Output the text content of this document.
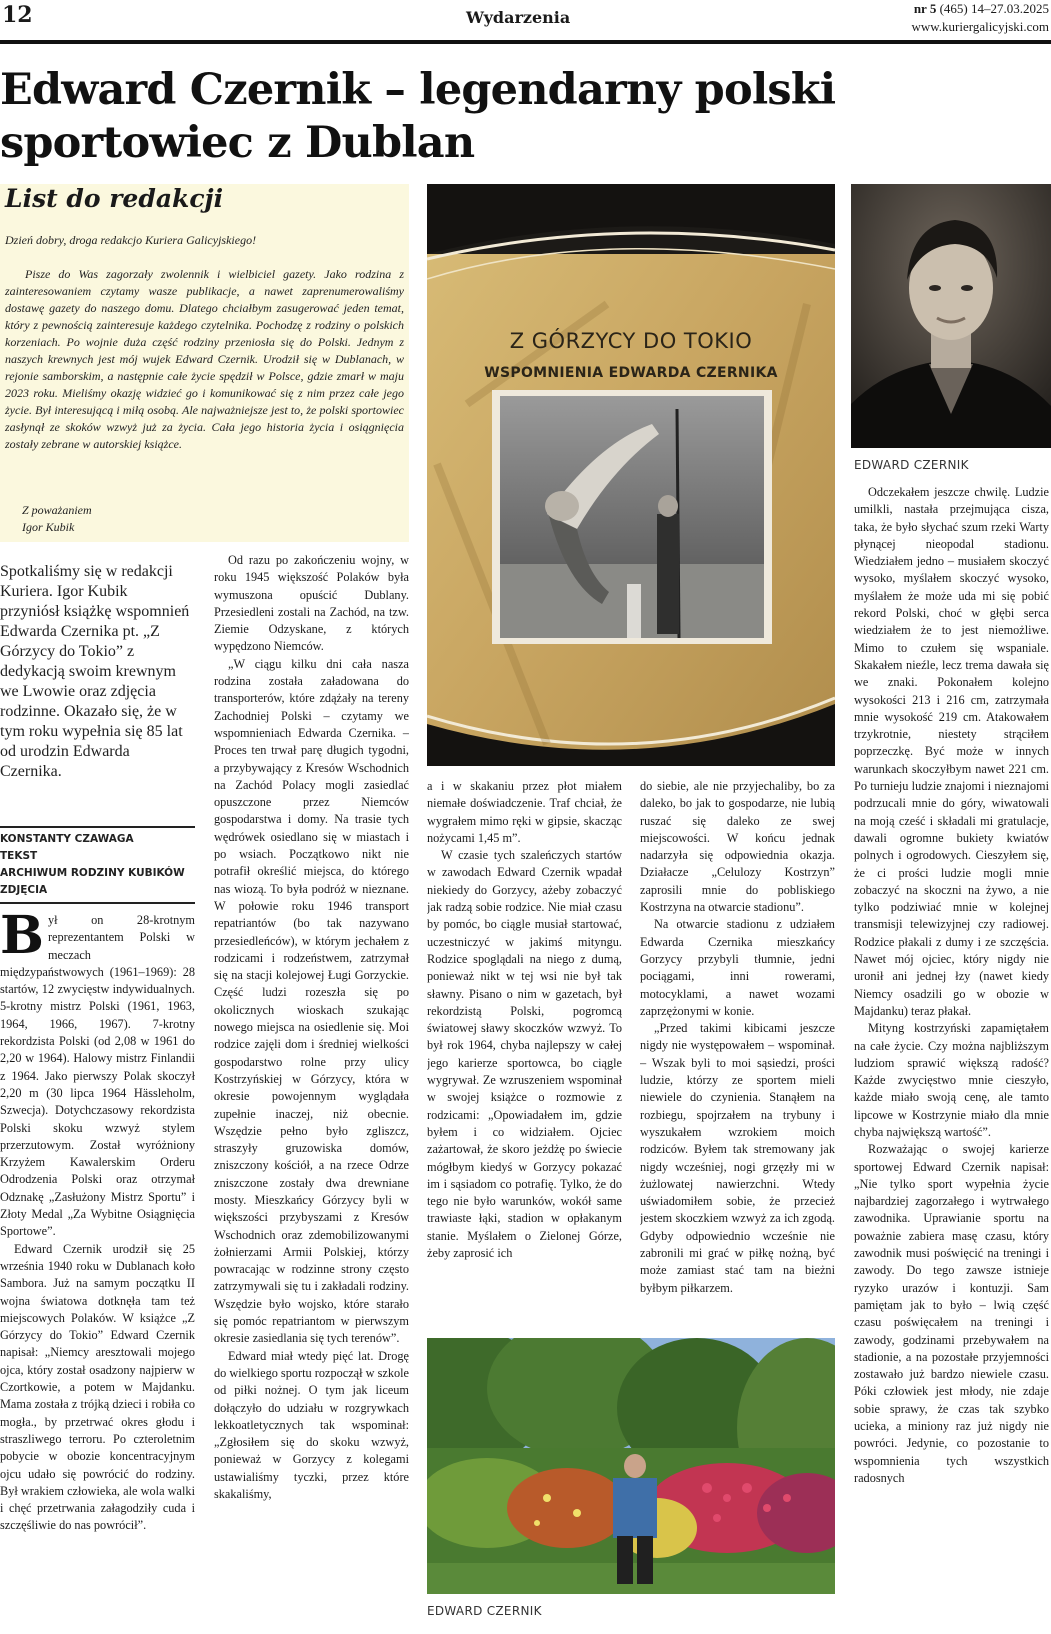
12	Wydarzenia	nr 5 (465) 14–27.03.2025
www.kuriergalicyjski.com
Edward Czernik – legendarny polski sportowiec z Dublan
List do redakcji

Dzień dobry, droga redakcjo Kuriera Galicyjskiego!

Pisze do Was zagorzały zwolennik i wielbiciel gazety. Jako rodzina z zainteresowaniem czytamy wasze publikacje, a nawet zaprenumerowaliśmy dostawę gazety do naszego domu. Dlatego chciałbym zasugerować jeden temat, który z pewnością zainteresuje każdego czytelnika. Pochodzę z rodziny o polskich korzeniach. Po wojnie duża część rodziny przeniosła się do Polski. Jednym z naszych krewnych jest mój wujek Edward Czernik. Urodził się w Dublanach, w rejonie samborskim, a następnie całe życie spędził w Polsce, gdzie zmarł w maju 2023 roku. Mieliśmy okazję widzieć go i komunikować się z nim przez całe jego życie. Był interesującą i miłą osobą. Ale najważniejsze jest to, że polski sportowiec zasłynął ze skoków wzwyż już za życia. Cała jego historia życia i osiągnięcia zostały zebrane w autorskiej książce.

Z poważaniem
Igor Kubik

Spotkaliśmy się w redakcji Kuriera. Igor Kubik przyniósł książkę wspomnień Edwarda Czernika pt. „Z Górzycy do Tokio” z dedykacją swoim krewnym we Lwowie oraz zdjęcia rodzinne. Okazało się, że w tym roku wypełnia się 85 lat od urodzin Edwarda Czernika.

KONSTANTY CZAWAGA
TEKST
ARCHIWUM RODZINY KUBIKÓW
ZDJĘCIA

Był on 28-krotnym reprezentantem Polski w meczach międzypaństwowych (1961–1969): 28 startów, 12 zwycięstw indywidualnych. 5-krotny mistrz Polski (1961, 1963, 1964, 1966, 1967). 7-krotny rekordzista Polski (od 2,08 w 1961 do 2,20 w 1964). Halowy mistrz Finlandii z 1964. Jako pierwszy Polak skoczył 2,20 m (30 lipca 1964 Hässleholm, Szwecja). Dotychczasowy rekordzista Polski skoku wzwyż stylem przerzutowym. Został wyróżniony Krzyżem Kawalerskim Orderu Odrodzenia Polski oraz otrzymał Odznakę „Zasłużony Mistrz Sportu” i Złoty Medal „Za Wybitne Osiągnięcia Sportowe”.

Edward Czernik urodził się 25 września 1940 roku w Dublanach koło Sambora. Już na samym początku II wojna światowa dotknęła tam też miejscowych Polaków. W książce „Z Górzycy do Tokio” Edward Czernik napisał: „Niemcy aresztowali mojego ojca, który został osadzony najpierw w Czortkowie, a potem w Majdanku. Mama została z trójką dzieci i robiła co mogła., by przetrwać okres głodu i straszliwego terroru. Po czteroletnim pobycie w obozie koncentracyjnym ojcu udało się powrócić do rodziny. Był wrakiem człowieka, ale wola walki i chęć przetrwania załagodziły cuda i szczęśliwie do nas powrócił”.

Od razu po zakończeniu wojny, w roku 1945 większość Polaków była wymuszona opuścić Dublany. Przesiedleni zostali na Zachód, na tzw. Ziemie Odzyskane, z których wypędzono Niemców.

„W ciągu kilku dni cała nasza rodzina została załadowana do transporterów, które zdążały na tereny Zachodniej Polski – czytamy we wspomnieniach Edwarda Czernika. – Proces ten trwał parę długich tygodni, a przybywający z Kresów Wschodnich na Zachód Polacy mogli zasiedlać opuszczone przez Niemców gospodarstwa i domy. Na trasie tych wędrówek osiedlano się w miastach i po wsiach. Początkowo nikt nie potrafił określić miejsca, do którego nas wiozą. To była podróż w nieznane. W połowie roku 1946 transport repatriantów (bo tak nazywano przesiedleńców), w którym jechałem z rodzicami i rodzeństwem, zatrzymał się na stacji kolejowej Ługi Gorzyckie. Część ludzi rozeszła się po okolicznych wioskach szukając nowego miejsca na osiedlenie się. Moi rodzice zajęli dom i średniej wielkości gospodarstwo rolne przy ulicy Kostrzyńskiej w Górzycy, która w okresie powojennym wyglądała zupełnie inaczej, niż obecnie. Wszędzie pełno było zgliszcz, straszyły gruzowiska domów, zniszczony kościół, a na rzece Odrze zniszczone zostały dwa drewniane mosty. Mieszkańcy Górzycy byli w większości przybyszami z Kresów Wschodnich oraz zdemobilizowanymi żołnierzami Armii Polskiej, którzy powracając w rodzinne strony często zatrzymywali się tu i zakładali rodziny. Wszędzie było wojsko, które starało się pomóc repatriantom w pierwszym okresie zasiedlania się tych terenów”.

Edward miał wtedy pięć lat. Drogę do wielkiego sportu rozpoczął w szkole od piłki nożnej. O tym jak liceum dołączyło do udziału w rozgrywkach lekkoatletycznych tak wspominał: „Zgłosiłem się do skoku wzwyż, ponieważ w Gorzycy z kolegami ustawialiśmy tyczki, przez które skakaliśmy,

a i w skakaniu przez płot miałem niemałe doświadczenie. Traf chciał, że wygrałem mimo ręki w gipsie, skacząc nożycami 1,45 m”.

W czasie tych szaleńczych startów w zawodach Edward Czernik wpadał niekiedy do Gorzycy, ażeby zobaczyć jak radzą sobie rodzice. Nie miał czasu by pomóc, bo ciągle musiał startować, uczestniczyć w jakimś mityngu. Rodzice spoglądali na niego z dumą, ponieważ nikt w tej wsi nie był tak sławny. Pisano o nim w gazetach, był rekordzistą Polski, pogromcą światowej sławy skoczków wzwyż. To był rok 1964, chyba najlepszy w całej jego karierze sportowca, bo ciągle wygrywał. Ze wzruszeniem wspominał w swojej książce o rozmowie z rodzicami: „Opowiadałem im, gdzie byłem i co widziałem. Ojciec zażartował, że skoro jeżdżę po świecie mógłbym kiedyś w Gorzycy pokazać im i sąsiadom co potrafię. Tylko, że do tego nie było warunków, wokół same trawiaste łąki, stadion w opłakanym stanie. Myślałem o Zielonej Górze, żeby zaprosić ich

do siebie, ale nie przyjechaliby, bo za daleko, bo jak to gospodarze, nie lubią ruszać się daleko ze swej miejscowości. W końcu jednak nadarzyła się odpowiednia okazja. Działacze „Celulozy Kostrzyn” zaprosili mnie do pobliskiego Kostrzyna na otwarcie stadionu”.

Na otwarcie stadionu z udziałem Edwarda Czernika mieszkańcy Gorzycy przybyli tłumnie, jedni pociągami, inni rowerami, motocyklami, a nawet wozami zaprzężonymi w konie.

„Przed takimi kibicami jeszcze nigdy nie występowałem – wspominał. – Wszak byli to moi sąsiedzi, prości ludzie, którzy ze sportem mieli niewiele do czynienia. Stanąłem na rozbiegu, spojrzałem na trybuny i wyszukałem wzrokiem moich rodziców. Byłem tak stremowany jak nigdy wcześniej, nogi grzęzły mi w żużlowatej nawierzchni. Wtedy uświadomiłem sobie, że przecież jestem skoczkiem wzwyż za ich zgodą. Gdyby odpowiednio wcześnie nie zabronili mi grać w piłkę nożną, być może zamiast stać tam na bieżni byłbym piłkarzem.

Odczekałem jeszcze chwilę. Ludzie umilkli, nastała przejmująca cisza, taka, że było słychać szum rzeki Warty płynącej nieopodal stadionu. Wiedziałem jedno – musiałem skoczyć wysoko, myślałem skoczyć wysoko, myślałem że może uda mi się pobić rekord Polski, choć w głębi serca wiedziałem że to jest niemożliwe. Mimo to czułem się wspaniale. Skakałem nieźle, lecz trema dawała się we znaki. Pokonałem kolejno wysokości 213 i 216 cm, zatrzymała mnie wysokość 219 cm. Atakowałem trzykrotnie, niestety strąciłem poprzeczkę. Być może w innych warunkach skoczyłbym nawet 221 cm. Po turnieju ludzie znajomi i nieznajomi podrzucali mnie do góry, wiwatowali na moją cześć i składali mi gratulacje, dawali ogromne bukiety kwiatów polnych i ogrodowych. Cieszyłem się, że ci prości ludzie mogli mnie zobaczyć na skoczni na żywo, a nie tylko podziwiać mnie w kolejnej transmisji telewizyjnej czy radiowej. Rodzice płakali z dumy i ze szczęścia. Nawet mój ojciec, który nigdy nie uronił ani jednej łzy (nawet kiedy Niemcy osadzili go w obozie w Majdanku) teraz płakał.

Mityng kostrzyński zapamiętałem na całe życie. Czy można najbliższym ludziom sprawić większą radość? Każde zwycięstwo mnie cieszyło, każde miało swoją cenę, ale tamto lipcowe w Kostrzynie miało dla mnie chyba największą wartość”.

Rozważając o swojej karierze sportowej Edward Czernik napisał: „Nie tylko sport wypełnia życie najbardziej zagorzałego i wytrwałego zawodnika. Uprawianie sportu na poważnie zabiera masę czasu, który zawodnik musi poświęcić na treningi i zawody. Do tego zawsze istnieje ryzyko urazów i kontuzji. Sam pamiętam jak to było – lwią część czasu poświęcałem na treningi i zawody, godzinami przebywałem na stadionie, a na pozostałe przyjemności zostawało już bardzo niewiele czasu. Póki człowiek jest młody, nie zdaje sobie sprawy, że czas tak szybko ucieka, a miniony raz już nigdy nie powróci. Jedynie, co pozostanie to wspomnienia tych wszystkich radosnych

Z GÓRZYCY DO TOKIO
WSPOMNIENIA EDWARDA CZERNIKA
EDWARD CZERNIK
EDWARD CZERNIK
